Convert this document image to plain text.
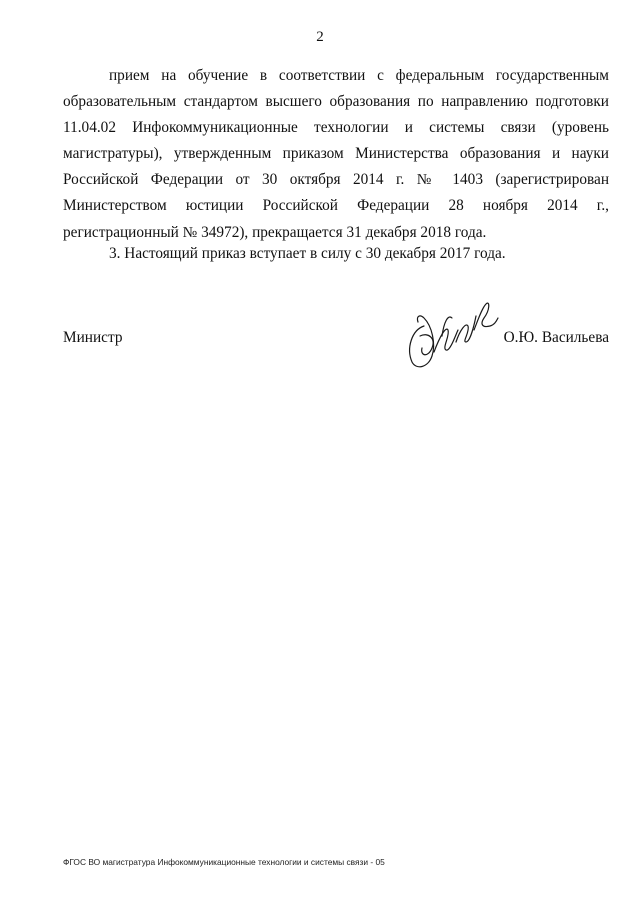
2
прием на обучение в соответствии с федеральным государственным
образовательным стандартом высшего образования по направлению подготовки
11.04.02 Инфокоммуникационные технологии и системы связи (уровень
магистратуры), утвержденным приказом Министерства образования и науки
Российской Федерации от 30 октября 2014 г. № 1403 (зарегистрирован
Министерством юстиции Российской Федерации 28 ноября 2014 г.,
регистрационный № 34972), прекращается 31 декабря 2018 года.
3. Настоящий приказ вступает в силу с 30 декабря 2017 года.
Министр	О.Ю. Васильева
ФГОС ВО магистратура Инфокоммуникационные технологии и системы связи - 05
